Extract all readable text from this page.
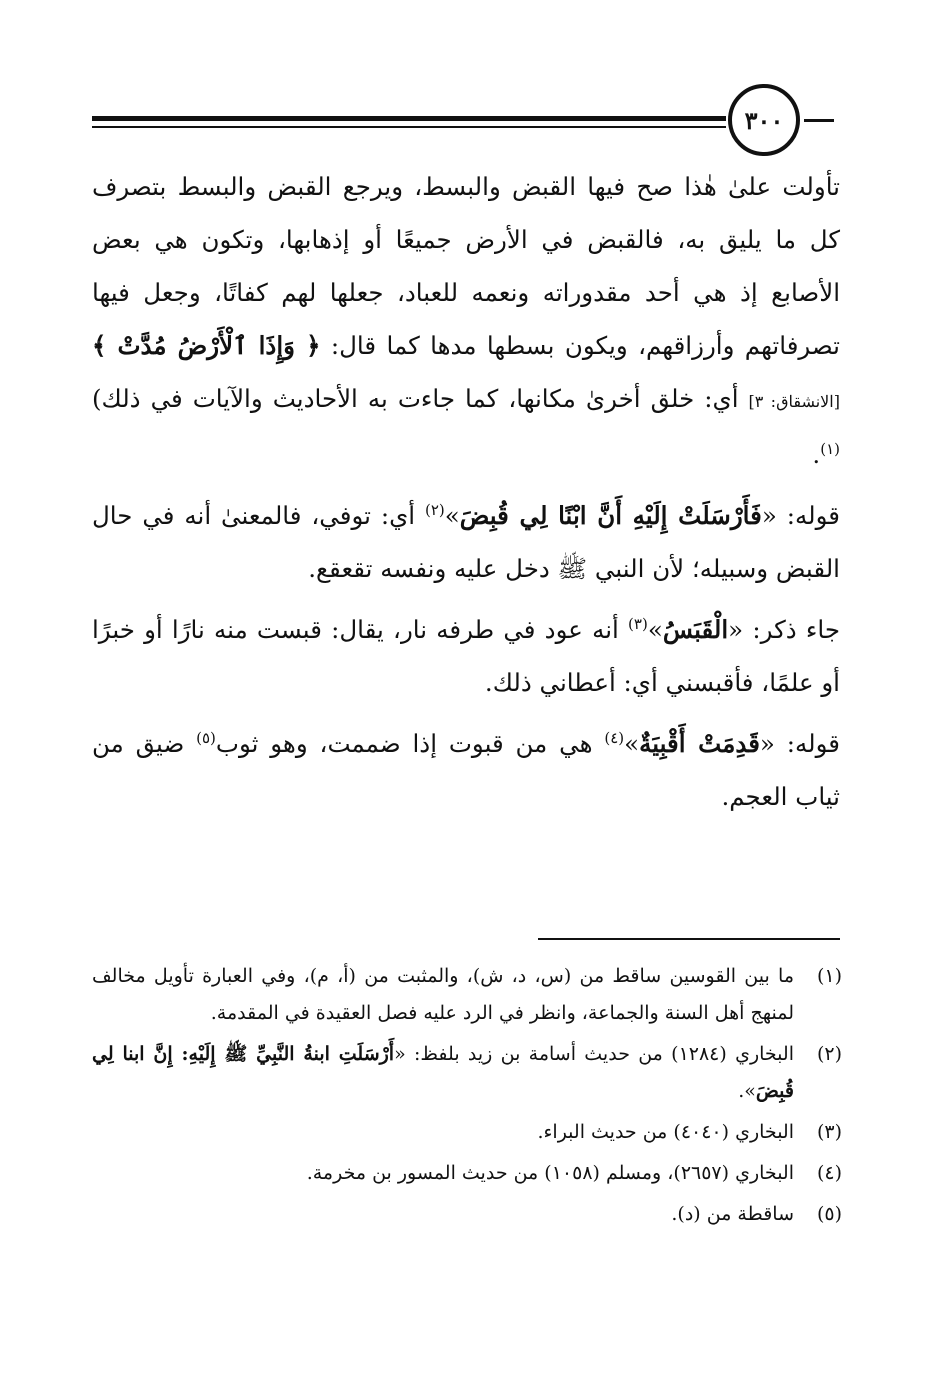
٣٠٠

تأولت علىٰ هٰذا صح فيها القبض والبسط، ويرجع القبض والبسط بتصرف كل ما يليق به، فالقبض في الأرض جميعًا أو إذهابها، وتكون هي بعض الأصابع إذ هي أحد مقدوراته ونعمه للعباد، جعلها لهم كفاتًا، وجعل فيها تصرفاتهم وأرزاقهم، ويكون بسطها مدها كما قال: ﴿ وَإِذَا ٱلْأَرْضُ مُدَّتْ ﴾ [الانشقاق: ٣] أي: خلق أخرىٰ مكانها، كما جاءت به الأحاديث والآيات في ذلك)$^{(١)}$.

قوله: «فَأَرْسَلَتْ إِلَيْهِ أَنَّ ابْنًا لِي قُبِضَ»$^{(٢)}$ أي: توفي، فالمعنىٰ أنه في حال القبض وسبيله؛ لأن النبي ﷺ دخل عليه ونفسه تقعقع.

جاء ذكر: «الْقَبَسُ»$^{(٣)}$ أنه عود في طرفه نار، يقال: قبست منه نارًا أو خبرًا أو علمًا، فأقبسني أي: أعطاني ذلك.

قوله: «قَدِمَتْ أَقْبِيَةٌ»$^{(٤)}$ هي من قبوت إذا ضممت، وهو ثوب$^{(٥)}$ ضيق من ثياب العجم.

(١)
ما بين القوسين ساقط من (س، د، ش)، والمثبت من (أ، م)، وفي العبارة تأويل مخالف لمنهج أهل السنة والجماعة، وانظر في الرد عليه فصل العقيدة في المقدمة.
(٢)
البخاري (١٢٨٤) من حديث أسامة بن زيد بلفظ: «أَرْسَلَتِ ابنةُ النَّبِيِّ ﷺ إِلَيْهِ: إِنَّ ابنا لِي قُبِضَ».
(٣)
البخاري (٤٠٤٠) من حديث البراء.
(٤)
البخاري (٢٦٥٧)، ومسلم (١٠٥٨) من حديث المسور بن مخرمة.
(٥)
ساقطة من (د).
